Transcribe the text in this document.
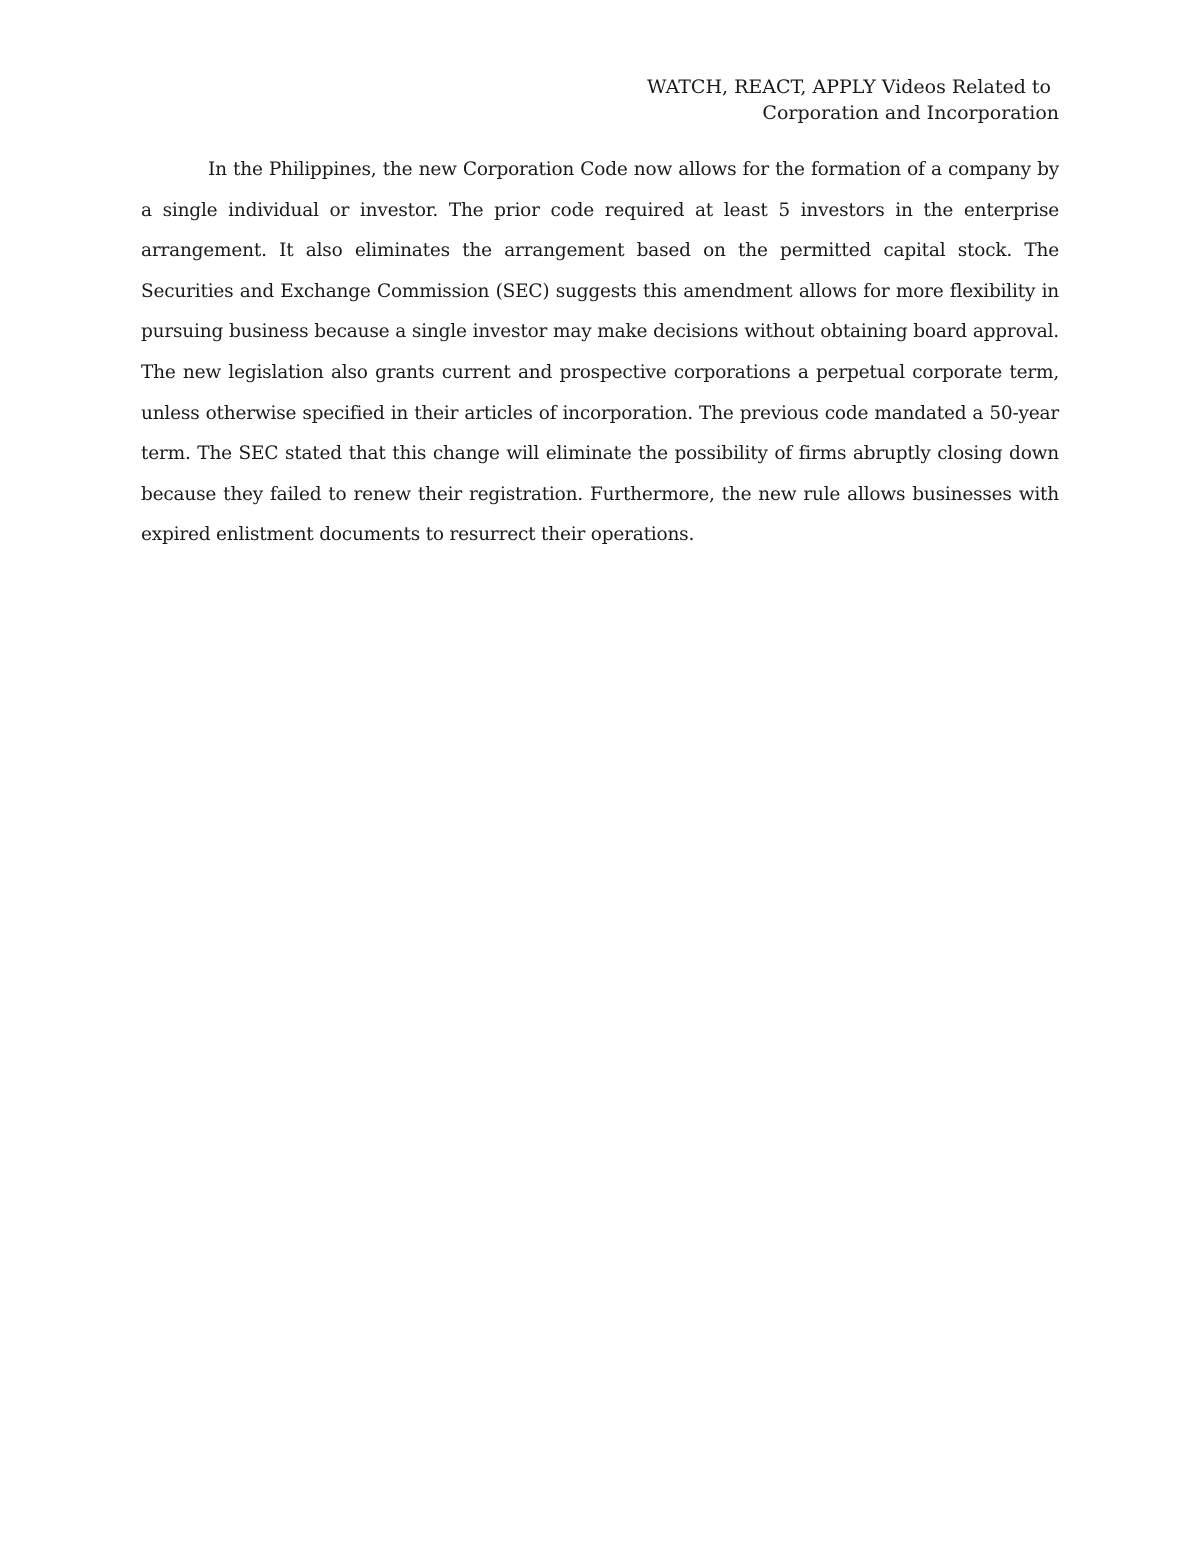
WATCH, REACT, APPLY Videos Related to
Corporation and Incorporation

In the Philippines, the new Corporation Code now allows for the formation of a company by a single individual or investor. The prior code required at least 5 investors in the enterprise arrangement. It also eliminates the arrangement based on the permitted capital stock. The Securities and Exchange Commission (SEC) suggests this amendment allows for more flexibility in pursuing business because a single investor may make decisions without obtaining board approval. The new legislation also grants current and prospective corporations a perpetual corporate term, unless otherwise specified in their articles of incorporation. The previous code mandated a 50-year term. The SEC stated that this change will eliminate the possibility of firms abruptly closing down because they failed to renew their registration. Furthermore, the new rule allows businesses with expired enlistment documents to resurrect their operations.
